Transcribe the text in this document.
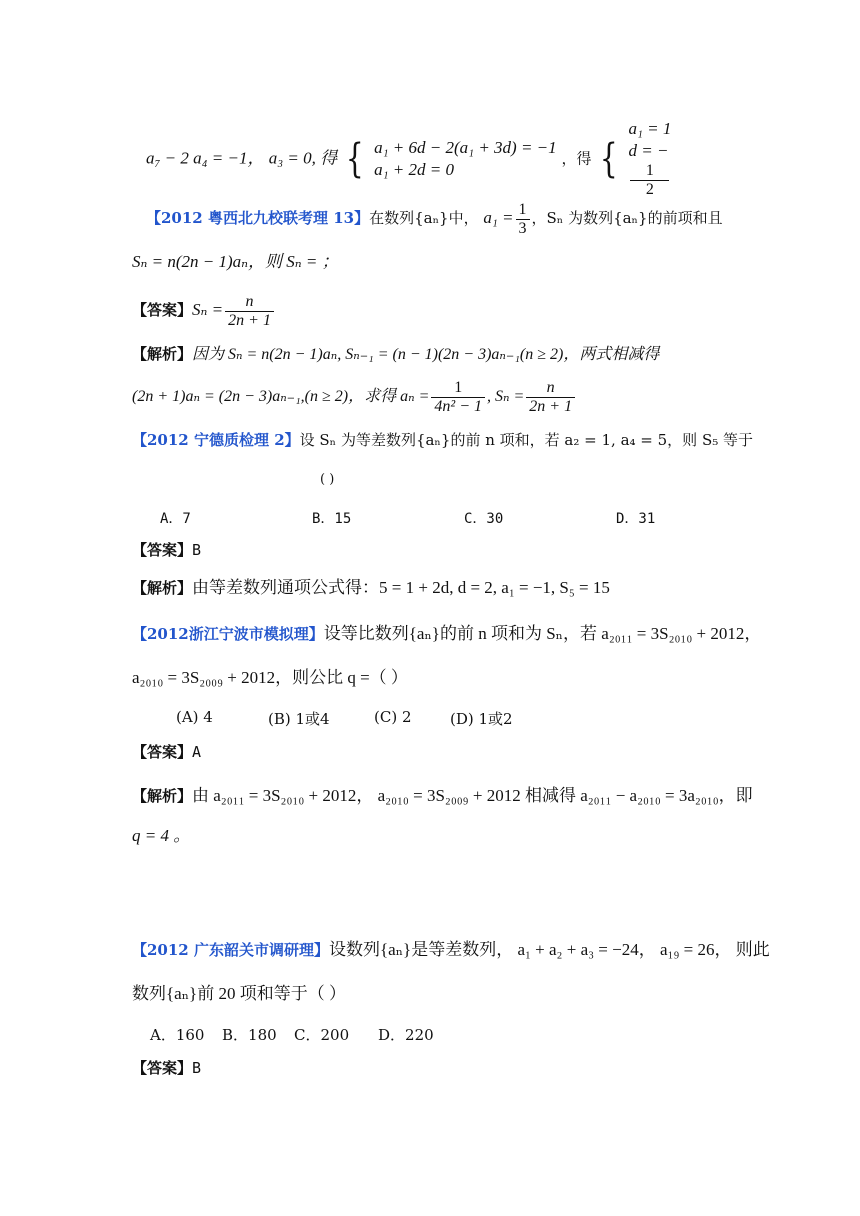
a₇ − 2 a₄ = −1， a₃ = 0, 得 { a₁ + 6d − 2(a₁ + 3d) = −1
a₁ + 2d = 0
，得 {
a₁ = 1
d = −
1
2
【2012 粤西北九校联考理 13】在数列{aₙ}中， $a_1 = \frac{1}{3}$ ，Sₙ 为数列{aₙ}的前项和且
Sₙ = n(2n − 1)aₙ，则 Sₙ = ；
【答案】$S_n = \frac{n}{2n + 1}$
【解析】因为 Sₙ = n(2n − 1)aₙ, Sₙ₋₁ = (n − 1)(2n − 3)aₙ₋₁(n ≥ 2)，两式相减得
(2n + 1)aₙ = (2n − 3)aₙ₋₁,(n ≥ 2)，求得 $a_n = \frac{1}{\text{4n² − 1}}$ , $S_n = \frac{n}{2n + 1}$
【2012 宁德质检理 2】设 Sₙ 为等差数列{aₙ}的前 n 项和，若 a₂ = 1, a₄ = 5，则 S₅ 等于
( )
A．7	B．15	C．30	D．31
【答案】B
【解析】由等差数列通项公式得：5 = 1 + 2d, d = 2, a₁ = −1, S₅ = 15
【2012浙江宁波市模拟理】设等比数列{aₙ}的前 n 项和为 Sₙ，若 a₂₀₁₁ = 3S₂₀₁₀ + 2012，
a₂₀₁₀ = 3S₂₀₀₉ + 2012，则公比 q =（ ）
(A) 4	(B) 1或4	(C) 2	(D) 1或2
【答案】A
【解析】由 a₂₀₁₁ = 3S₂₀₁₀ + 2012， a₂₀₁₀ = 3S₂₀₀₉ + 2012 相减得 a₂₀₁₁ − a₂₀₁₀ = 3a₂₀₁₀，即
q = 4 。
【2012 广东韶关市调研理】设数列{aₙ}是等差数列， a₁ + a₂ + a₃ = −24， a₁₉ = 26， 则此
数列{aₙ}前 20 项和等于（ ）
A．160 B．180 C．200 D．220
【答案】B
